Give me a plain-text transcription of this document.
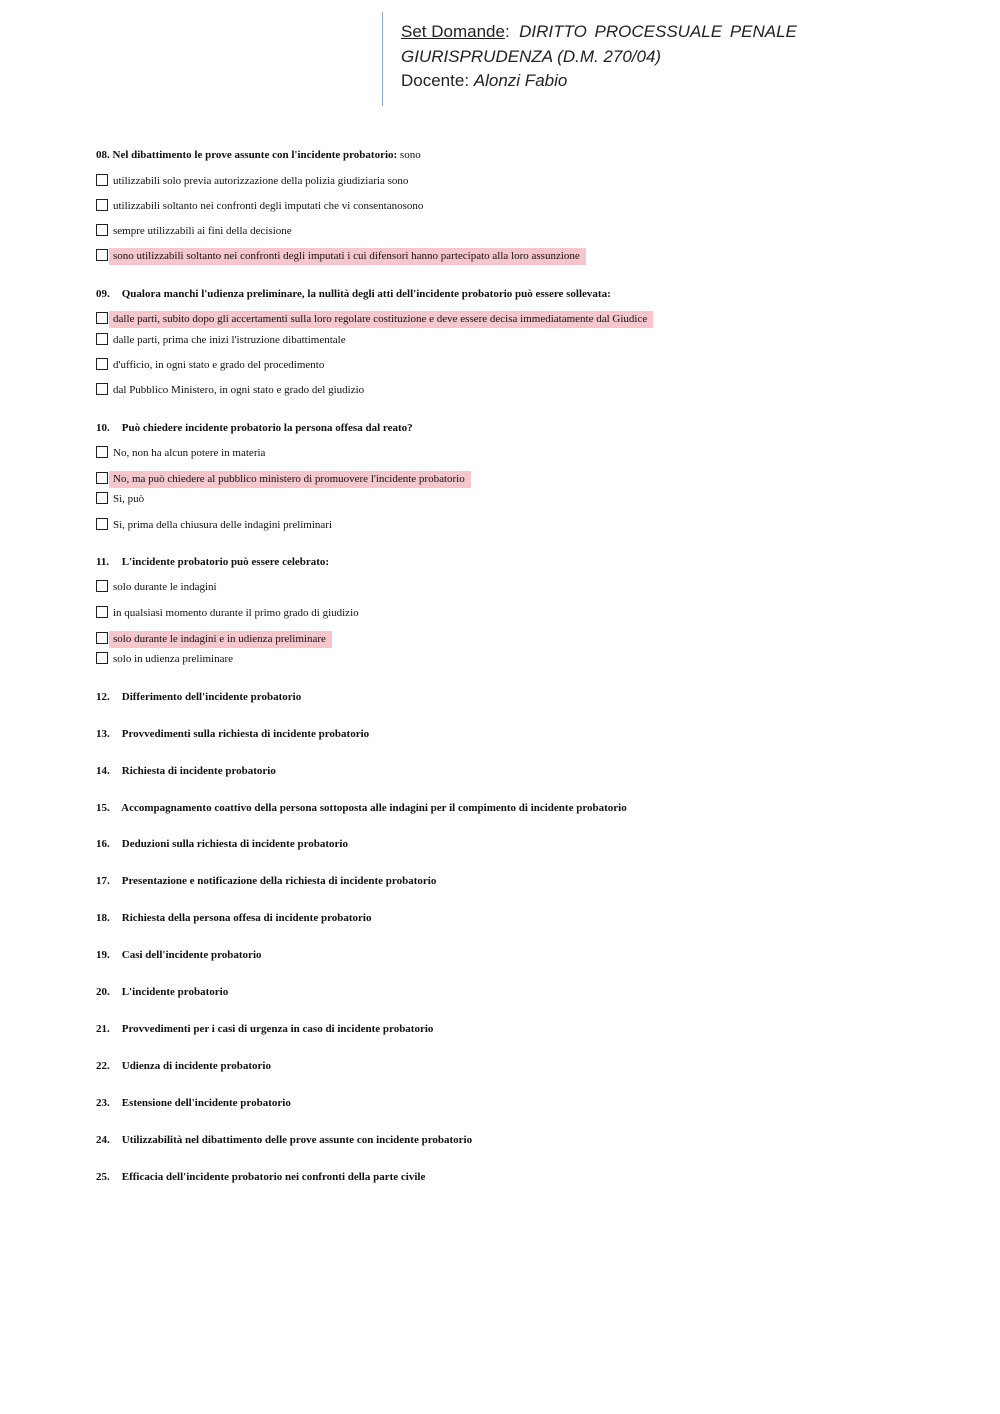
Set Domande: DIRITTO PROCESSUALE PENALE
GIURISPRUDENZA (D.M. 270/04)
Docente: Alonzi Fabio
08. Nel dibattimento le prove assunte con l'incidente probatorio: sono
utilizzabili solo previa autorizzazione della polizia giudiziaria sono
utilizzabili soltanto nei confronti degli imputati che vi consentanosono
sempre utilizzabili ai fini della decisione
sono utilizzabili soltanto nei confronti degli imputati i cui difensori hanno partecipato alla loro assunzione
09. Qualora manchi l'udienza preliminare, la nullità degli atti dell'incidente probatorio può essere sollevata:
dalle parti, subito dopo gli accertamenti sulla loro regolare costituzione e deve essere decisa immediatamente dal Giudice
dalle parti, prima che inizi l'istruzione dibattimentale
d'ufficio, in ogni stato e grado del procedimento
dal Pubblico Ministero, in ogni stato e grado del giudizio
10. Può chiedere incidente probatorio la persona offesa dal reato?
No, non ha alcun potere in materia
No, ma può chiedere al pubblico ministero di promuovere l'incidente probatorio
Sì, può
Sì, prima della chiusura delle indagini preliminari
11. L'incidente probatorio può essere celebrato:
solo durante le indagini
in qualsiasi momento durante il primo grado di giudizio
solo durante le indagini e in udienza preliminare
solo in udienza preliminare
12. Differimento dell'incidente probatorio
13. Provvedimenti sulla richiesta di incidente probatorio
14. Richiesta di incidente probatorio
15. Accompagnamento coattivo della persona sottoposta alle indagini per il compimento di incidente probatorio
16. Deduzioni sulla richiesta di incidente probatorio
17. Presentazione e notificazione della richiesta di incidente probatorio
18. Richiesta della persona offesa di incidente probatorio
19. Casi dell'incidente probatorio
20. L'incidente probatorio
21. Provvedimenti per i casi di urgenza in caso di incidente probatorio
22. Udienza di incidente probatorio
23. Estensione dell'incidente probatorio
24. Utilizzabilità nel dibattimento delle prove assunte con incidente probatorio
25. Efficacia dell'incidente probatorio nei confronti della parte civile
